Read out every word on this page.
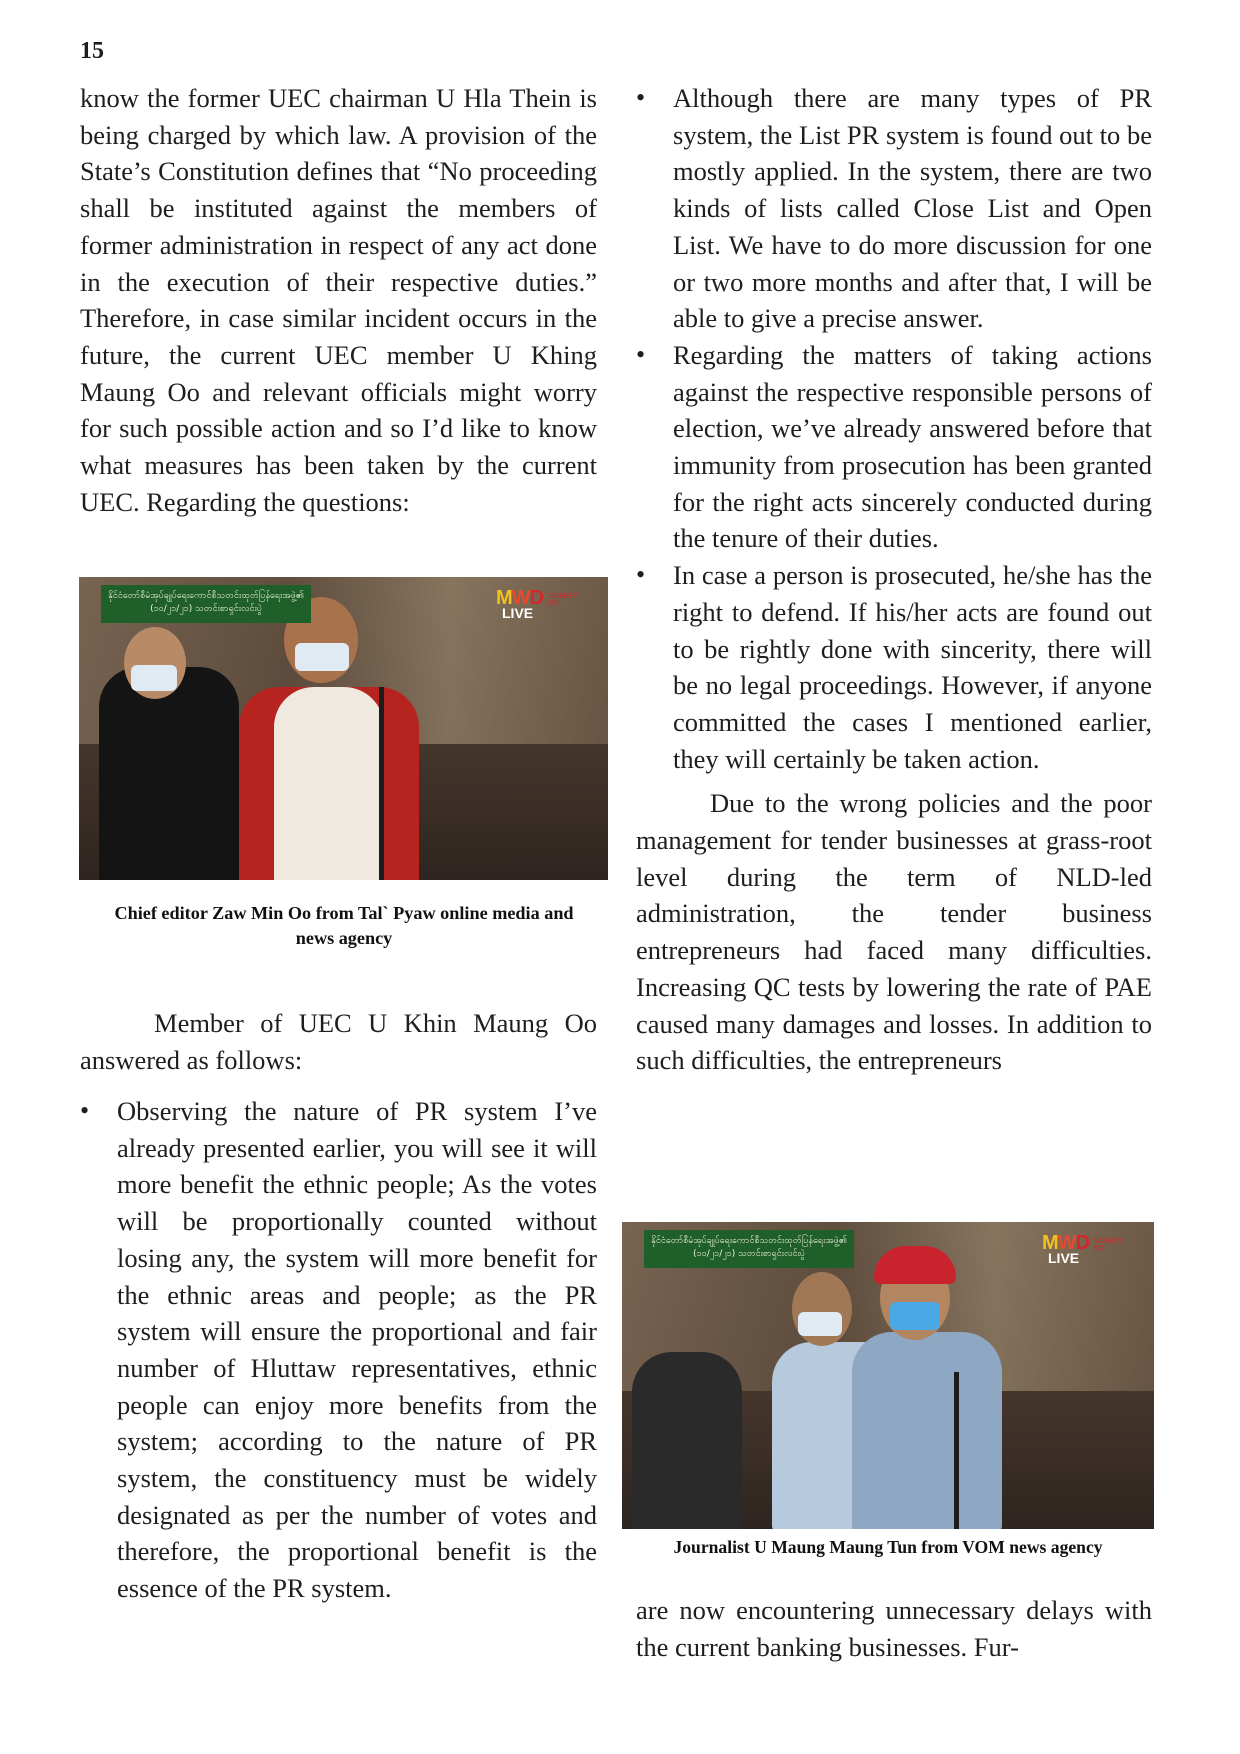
15

know the former UEC chairman U Hla Thein is being charged by which law. A provision of the State’s Constitution defines that “No proceeding shall be instituted against the members of former administration in respect of any act done in the execution of their respective duties.” Therefore, in case similar incident occurs in the future, the current UEC member U Khing Maung Oo and relevant officials might worry for such possible action and so I’d like to know what measures has been taken by the current UEC. Regarding the questions:

နိုင်ငံတော်စီမံအုပ်ချုပ်ရေးကောင်စီသတင်းထုတ်ပြန်ရေးအဖွဲ့၏
(၁၀/၂၁/၂၁) သတင်းစာရှင်းလင်းပွဲ	MWD
LIVE
VARIETY HD
Chief editor Zaw Min Oo from Tal` Pyaw online media and news agency

Member of UEC U Khin Maung Oo answered as follows:

• Observing the nature of PR system I’ve already presented earlier, you will see it will more benefit the ethnic people; As the votes will be proportionally counted without losing any, the system will more benefit for the ethnic areas and people; as the PR system will ensure the proportional and fair number of Hluttaw representatives, ethnic people can enjoy more benefits from the system; according to the nature of PR system, the constituency must be widely designated as per the number of votes and therefore, the proportional benefit is the essence of the PR system.

• Although there are many types of PR system, the List PR system is found out to be mostly applied. In the system, there are two kinds of lists called Close List and Open List. We have to do more discussion for one or two more months and after that, I will be able to give a precise answer.

• Regarding the matters of taking actions against the respective responsible persons of election, we’ve already answered before that immunity from prosecution has been granted for the right acts sincerely conducted during the tenure of their duties.

• In case a person is prosecuted, he/she has the right to defend. If his/her acts are found out to be rightly done with sincerity, there will be no legal proceedings. However, if anyone committed the cases I mentioned earlier, they will certainly be taken action.

Due to the wrong policies and the poor management for tender businesses at grass-root level during the term of NLD-led administration, the tender business entrepreneurs had faced many difficulties. Increasing QC tests by lowering the rate of PAE caused many damages and losses. In addition to such difficulties, the entrepreneurs

နိုင်ငံတော်စီမံအုပ်ချုပ်ရေးကောင်စီသတင်းထုတ်ပြန်ရေးအဖွဲ့၏
(၁၀/၂၁/၂၁) သတင်းစာရှင်းလင်းပွဲ	MWD
LIVE
VARIETY HD
Journalist U Maung Maung Tun from VOM news agency

are now encountering unnecessary delays with the current banking businesses. Fur-
